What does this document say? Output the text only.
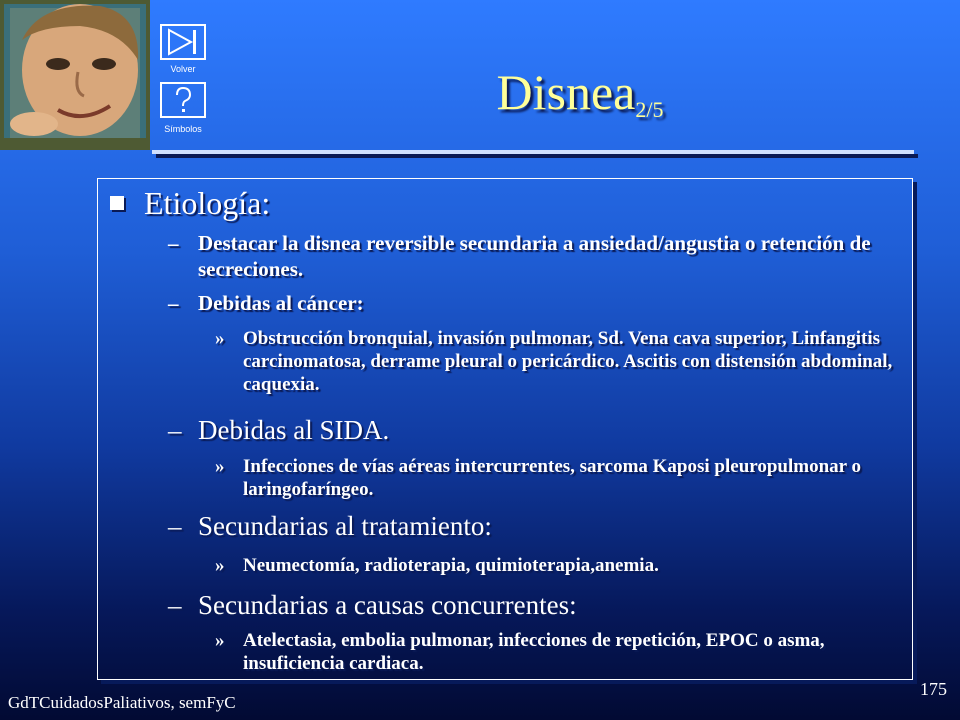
Volver
Símbolos
Disnea$_{2/5}$
Etiología:
– Destacar la disnea reversible secundaria a ansiedad/angustia o retención de secreciones.
– Debidas al cáncer:
» Obstrucción bronquial, invasión pulmonar, Sd. Vena cava superior, Linfangitis carcinomatosa, derrame pleural o pericárdico. Ascitis con distensión abdominal, caquexia.
– Debidas al SIDA.
» Infecciones de vías aéreas intercurrentes, sarcoma Kaposi pleuropulmonar o laringofaríngeo.
– Secundarias al tratamiento:
» Neumectomía, radioterapia, quimioterapia,anemia.
– Secundarias a causas concurrentes:
» Atelectasia, embolia pulmonar, infecciones de repetición, EPOC o asma, insuficiencia cardiaca.
GdTCuidadosPaliativos, semFyC
175
